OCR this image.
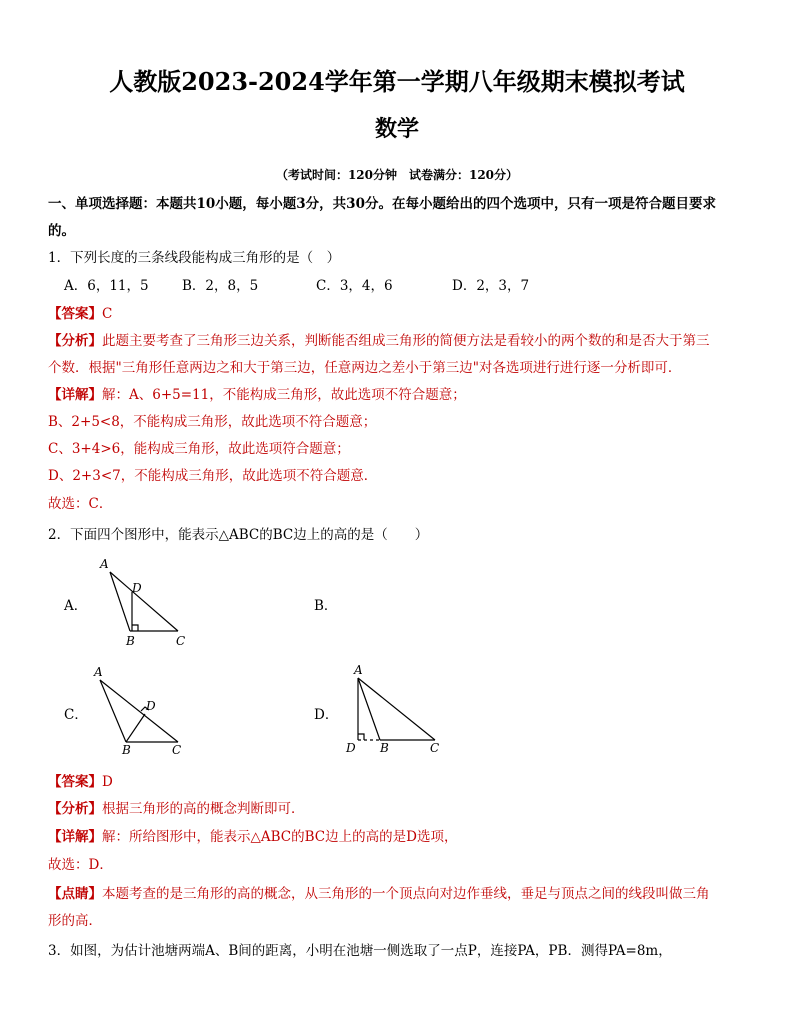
人教版2023-2024学年第一学期八年级期末模拟考试
数学
（考试时间：120分钟　试卷满分：120分）
一、单项选择题：本题共10小题，每小题3分，共30分。在每小题给出的四个选项中，只有一项是符合题目要求
的。
1．下列长度的三条线段能构成三角形的是（　）
A．6，11，5 B．2，8，5	C．3，4，6	D．2，3，7
【答案】C
【分析】此题主要考查了三角形三边关系，判断能否组成三角形的简便方法是看较小的两个数的和是否大于第三
个数．根据"三角形任意两边之和大于第三边，任意两边之差小于第三边"对各选项进行进行逐一分析即可．
【详解】解：A、6+5=11，不能构成三角形，故此选项不符合题意；
B、2+5<8，不能构成三角形，故此选项不符合题意；
C、3+4>6，能构成三角形，故此选项符合题意；
D、2+3<7，不能构成三角形，故此选项不符合题意．
故选：C．
2．下面四个图形中，能表示△ABC的BC边上的高的是（　　）
A．	B．
C．	D．
A
D
B	C
A
D
B	C
A
D B	C
【答案】D
【分析】根据三角形的高的概念判断即可．
【详解】解：所给图形中，能表示△ABC的BC边上的高的是D选项，
故选：D．
【点睛】本题考查的是三角形的高的概念，从三角形的一个顶点向对边作垂线，垂足与顶点之间的线段叫做三角
形的高．
3．如图，为估计池塘两端A、B间的距离，小明在池塘一侧选取了一点P，连接PA，PB．测得PA=8m，
